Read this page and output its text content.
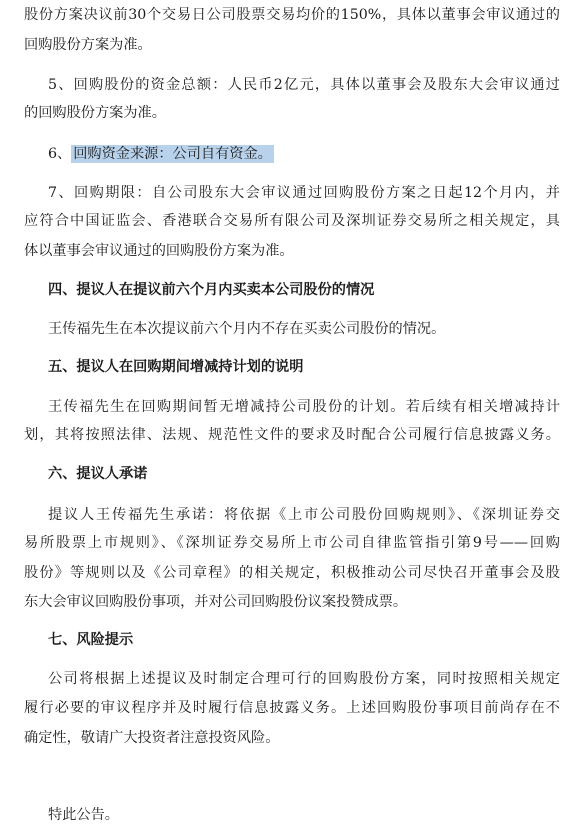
股份方案决议前30个交易日公司股票交易均价的150%，具体以董事会审议通过的
回购股份方案为准。
5、回购股份的资金总额：人民币2亿元，具体以董事会及股东大会审议通过
的回购股份方案为准。
6、 回购资金来源：公司自有资金。
7、回购期限：自公司股东大会审议通过回购股份方案之日起12个月内，并
应符合中国证监会、香港联合交易所有限公司及深圳证券交易所之相关规定，具
体以董事会审议通过的回购股份方案为准。
四、提议人在提议前六个月内买卖本公司股份的情况
王传福先生在本次提议前六个月内不存在买卖公司股份的情况。
五、提议人在回购期间增减持计划的说明
王传福先生在回购期间暂无增减持公司股份的计划。若后续有相关增减持计
划，其将按照法律、法规、规范性文件的要求及时配合公司履行信息披露义务。
六、提议人承诺
提议人王传福先生承诺：将依据《上市公司股份回购规则》、《深圳证券交
易所股票上市规则》、《深圳证券交易所上市公司自律监管指引第9号——回购
股份》等规则以及《公司章程》的相关规定，积极推动公司尽快召开董事会及股
东大会审议回购股份事项，并对公司回购股份议案投赞成票。
七、风险提示
公司将根据上述提议及时制定合理可行的回购股份方案，同时按照相关规定
履行必要的审议程序并及时履行信息披露义务。上述回购股份事项目前尚存在不
确定性，敬请广大投资者注意投资风险。
特此公告。
